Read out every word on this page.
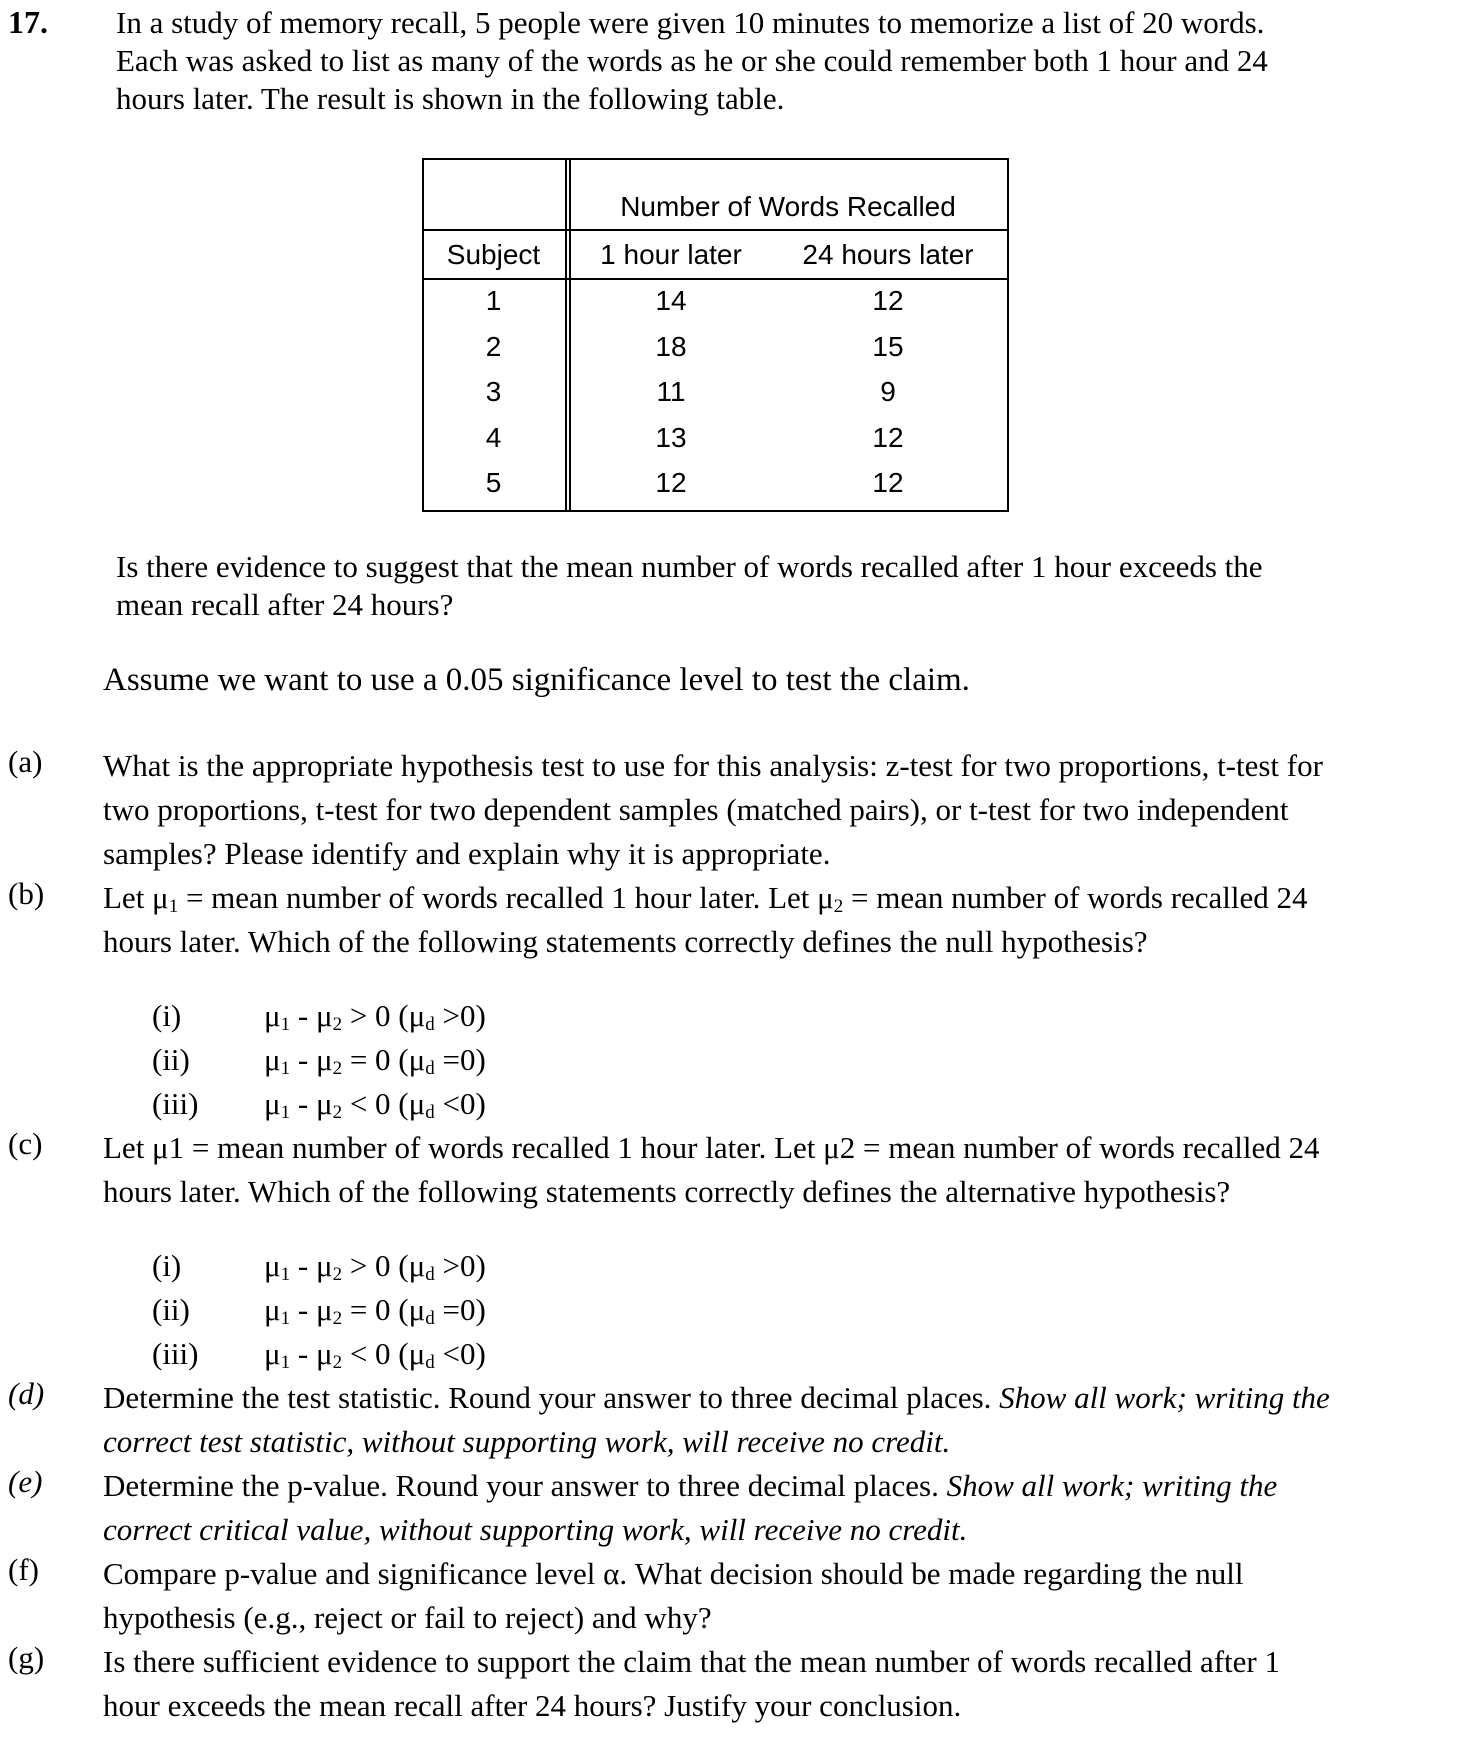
17. In a study of memory recall, 5 people were given 10 minutes to memorize a list of 20 words.
Each was asked to list as many of the words as he or she could remember both 1 hour and 24
hours later. The result is shown in the following table.
Number of Words Recalled
Subject	1 hour later	24 hours later
1	14	12
2	18	15
3	11	9
4	13	12
5	12	12
Is there evidence to suggest that the mean number of words recalled after 1 hour exceeds the
mean recall after 24 hours?
Assume we want to use a 0.05 significance level to test the claim.
(a) What is the appropriate hypothesis test to use for this analysis: z-test for two proportions, t-test for
two proportions, t-test for two dependent samples (matched pairs), or t-test for two independent
samples? Please identify and explain why it is appropriate.
(b) Let $\mu_1$ = mean number of words recalled 1 hour later. Let $\mu_2$ = mean number of words recalled 24
hours later. Which of the following statements correctly defines the null hypothesis?
(i)	$\mu_1 - \mu_2 > 0$ $(\mu_d >0)$
(ii) $\mu_1 - \mu_2 = 0$ $(\mu_d =0)$
(iii) $\mu_1 - \mu_2 < 0$ $(\mu_d <0)$
(c) Let μ1 = mean number of words recalled 1 hour later. Let μ2 = mean number of words recalled 24
hours later. Which of the following statements correctly defines the alternative hypothesis?
(i)	$\mu_1 - \mu_2 > 0$ $(\mu_d >0)$
(ii) $\mu_1 - \mu_2 = 0$ $(\mu_d =0)$
(iii) $\mu_1 - \mu_2 < 0$ $(\mu_d <0)$
(d) Determine the test statistic. Round your answer to three decimal places. Show all work; writing the
correct test statistic, without supporting work, will receive no credit.
(e) Determine the p-value. Round your answer to three decimal places. Show all work; writing the
correct critical value, without supporting work, will receive no credit.
(f) Compare p-value and significance level α. What decision should be made regarding the null
hypothesis (e.g., reject or fail to reject) and why?
(g) Is there sufficient evidence to support the claim that the mean number of words recalled after 1
hour exceeds the mean recall after 24 hours? Justify your conclusion.
